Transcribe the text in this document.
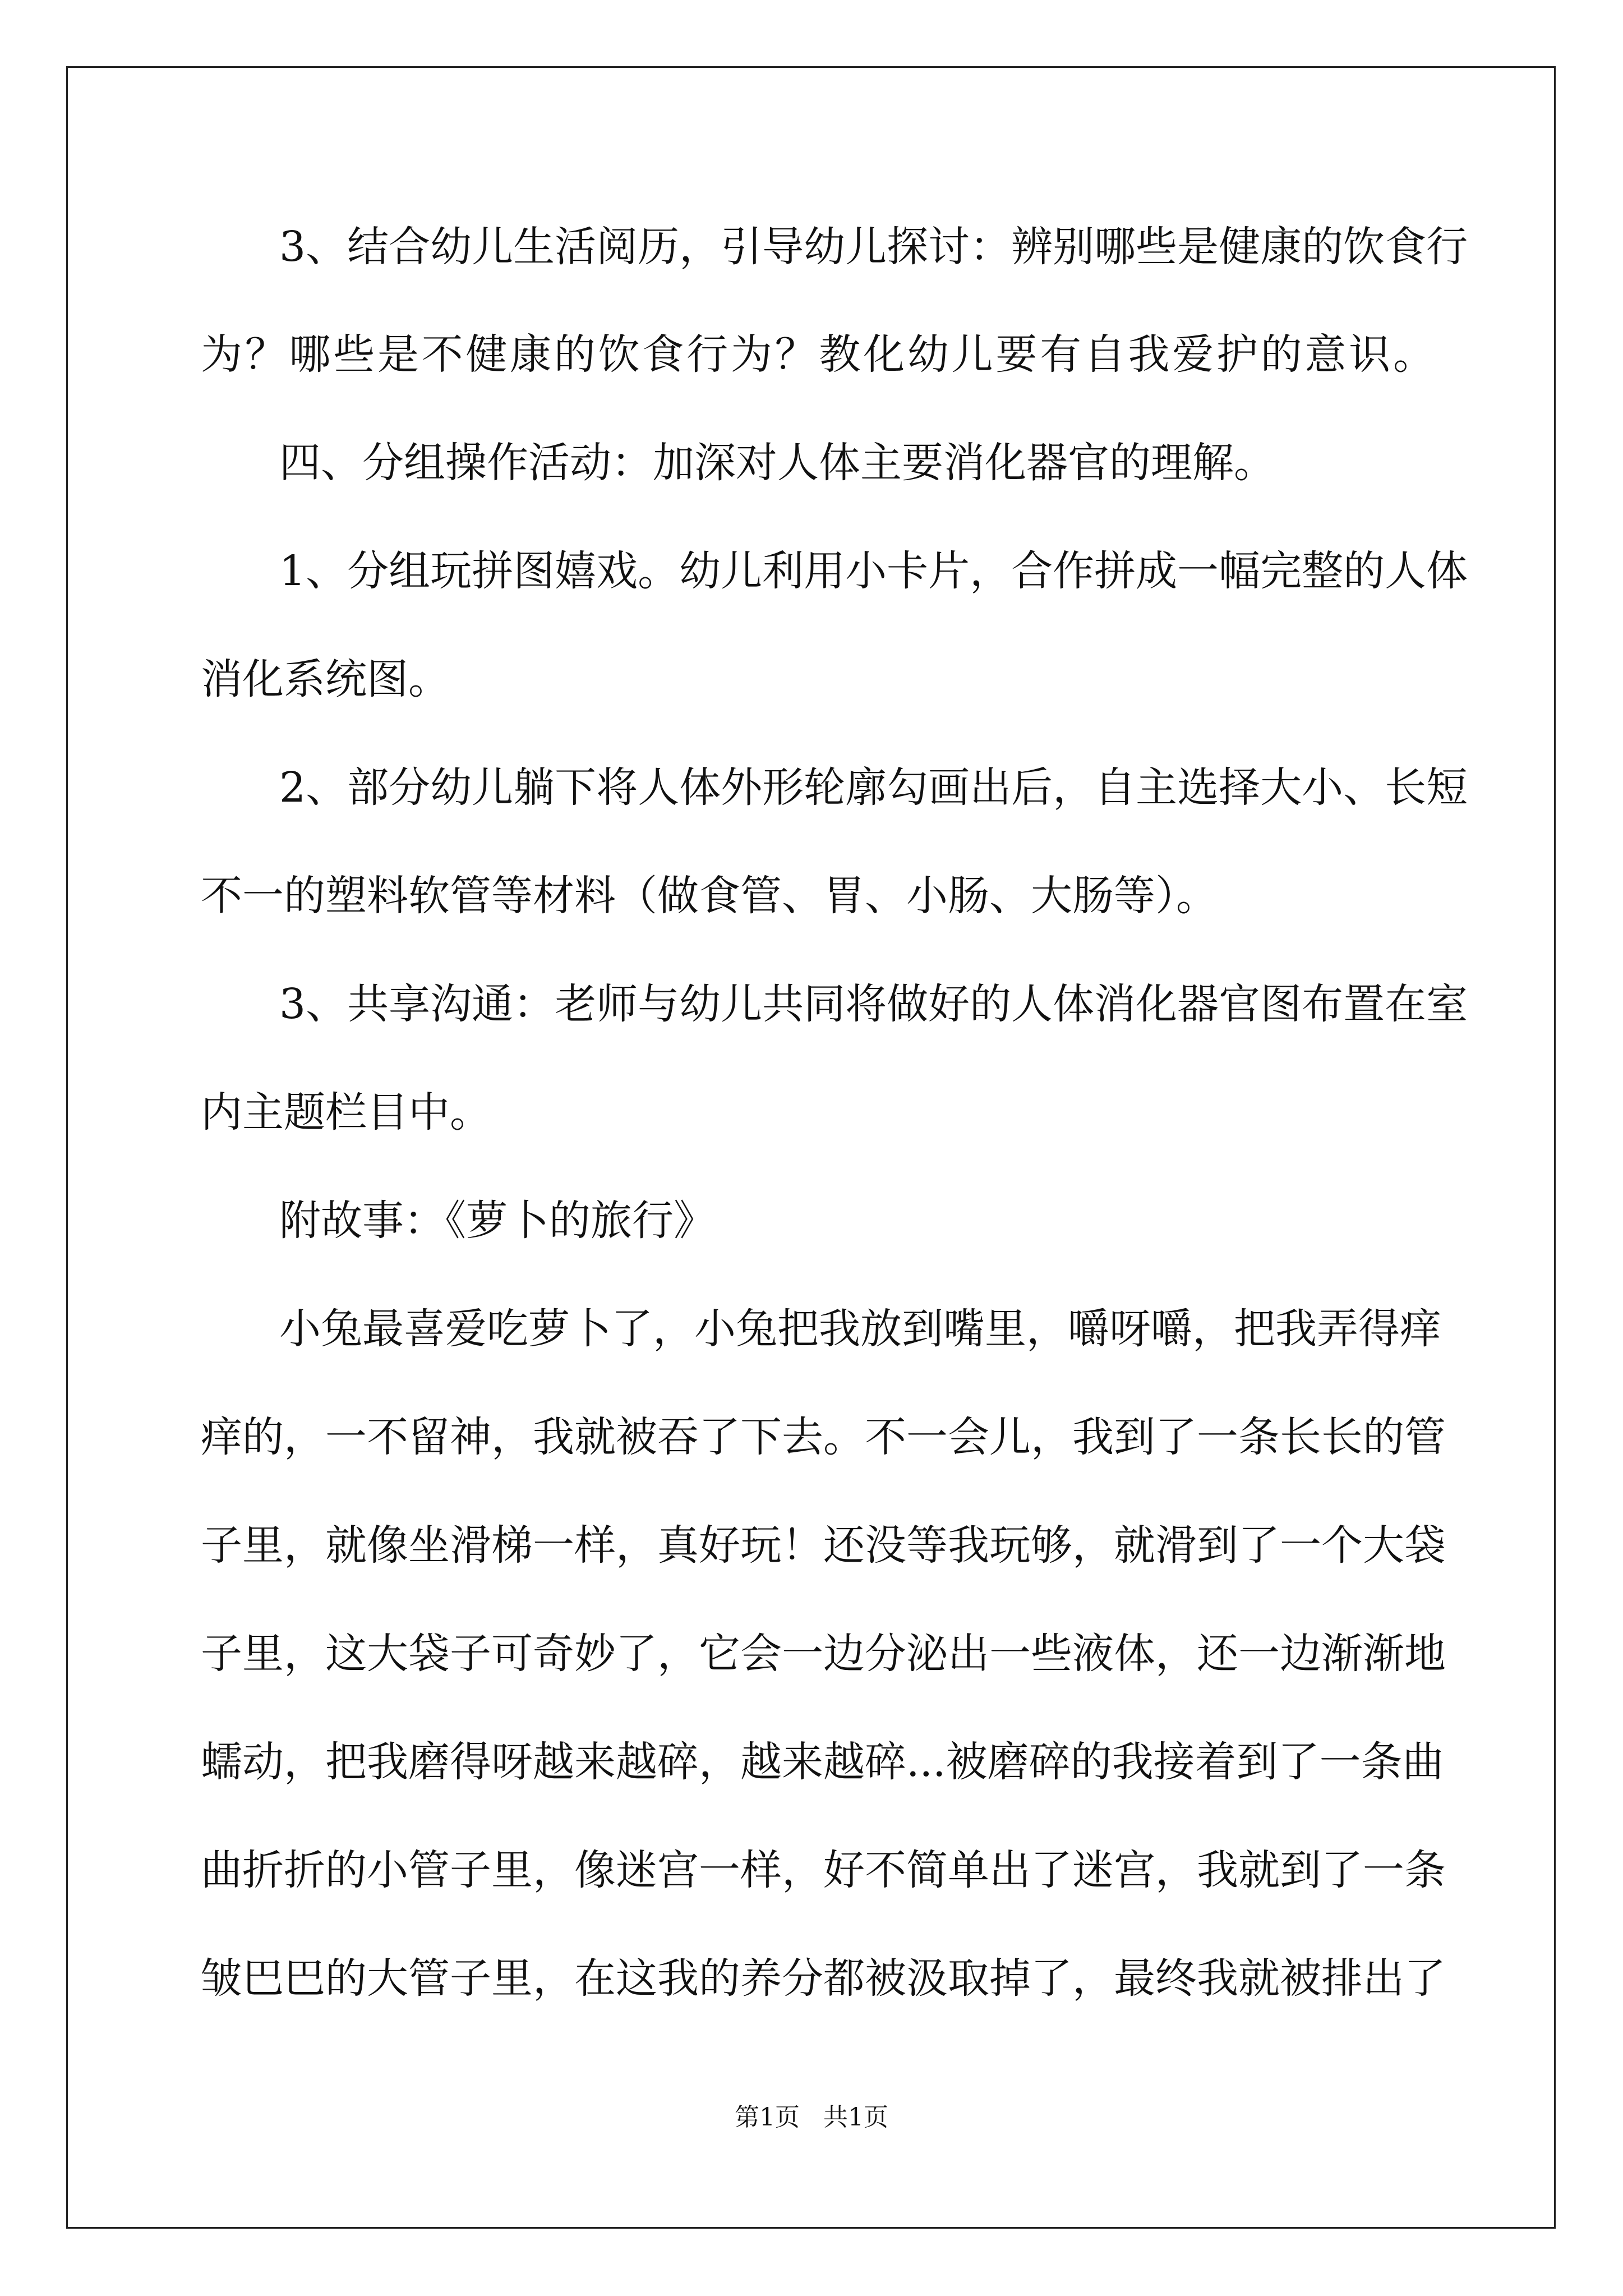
3、结合幼儿生活阅历，引导幼儿探讨：辨别哪些是健康的饮食行
为？哪些是不健康的饮食行为？教化幼儿要有自我爱护的意识。
四、分组操作活动：加深对人体主要消化器官的理解。
1、分组玩拼图嬉戏。幼儿利用小卡片，合作拼成一幅完整的人体
消化系统图。
2、部分幼儿躺下将人体外形轮廓勾画出后，自主选择大小、长短
不一的塑料软管等材料（做食管、胃、小肠、大肠等）。
3、共享沟通：老师与幼儿共同将做好的人体消化器官图布置在室
内主题栏目中。
附故事：《萝卜的旅行》
小兔最喜爱吃萝卜了，小兔把我放到嘴里，嚼呀嚼，把我弄得痒
痒的，一不留神，我就被吞了下去。不一会儿，我到了一条长长的管
子里，就像坐滑梯一样，真好玩！还没等我玩够，就滑到了一个大袋
子里，这大袋子可奇妙了，它会一边分泌出一些液体，还一边渐渐地
蠕动，把我磨得呀越来越碎，越来越碎...被磨碎的我接着到了一条曲
曲折折的小管子里，像迷宫一样，好不简单出了迷宫，我就到了一条
皱巴巴的大管子里，在这我的养分都被汲取掉了，最终我就被排出了
第1页 共1页
